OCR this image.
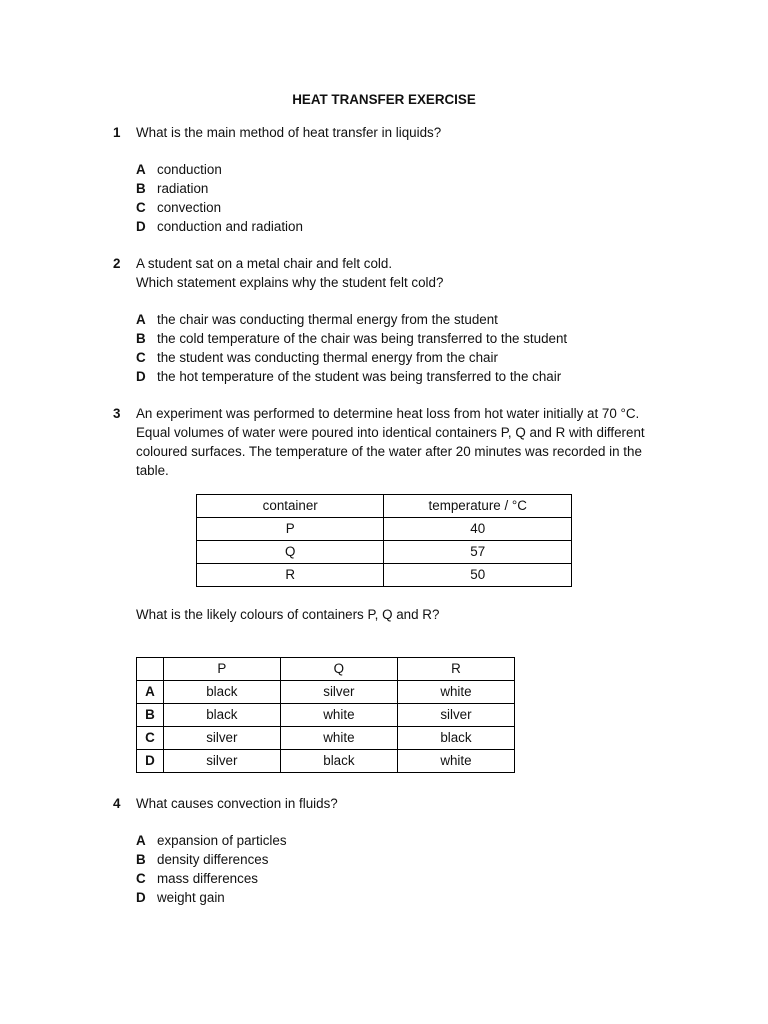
HEAT TRANSFER EXERCISE
1 What is the main method of heat transfer in liquids?
A conduction
B radiation
C convection
D conduction and radiation
2 A student sat on a metal chair and felt cold.
Which statement explains why the student felt cold?
A the chair was conducting thermal energy from the student
B the cold temperature of the chair was being transferred to the student
C the student was conducting thermal energy from the chair
D the hot temperature of the student was being transferred to the chair
3 An experiment was performed to determine heat loss from hot water initially at 70 °C.
Equal volumes of water were poured into identical containers P, Q and R with different
coloured surfaces. The temperature of the water after 20 minutes was recorded in the
table.
container	temperature / °C
P	40
Q	57
R	50
What is the likely colours of containers P, Q and R?
	P	Q	R
A	black	silver	white
B	black	white	silver
C	silver	white	black
D	silver	black	white
4 What causes convection in fluids?
A expansion of particles
B density differences
C mass differences
D weight gain
